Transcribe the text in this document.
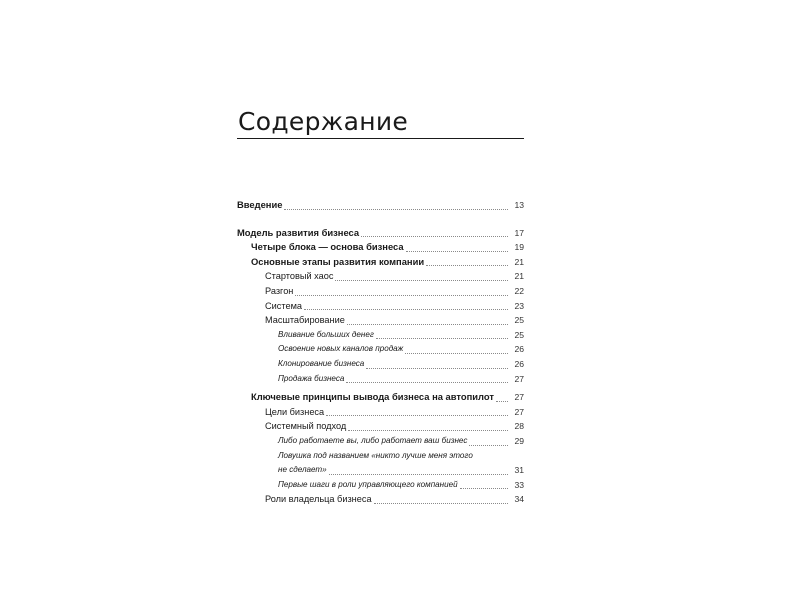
Содержание
Введение	13
Модель развития бизнеса	17
Четыре блока — основа бизнеса	19
Основные этапы развития компании	21
Стартовый хаос	21
Разгон	22
Система	23
Масштабирование	25
Вливание больших денег	25
Освоение новых каналов продаж	26
Клонирование бизнеса	26
Продажа бизнеса	27
Ключевые принципы вывода бизнеса на автопилот 27
Цели бизнеса	27
Системный подход	28
Либо работаете вы, либо работает ваш бизнес	29
Ловушка под названием «никто лучше меня этого
не сделает»	31
Первые шаги в роли управляющего компанией	33
Роли владельца бизнеса	34
